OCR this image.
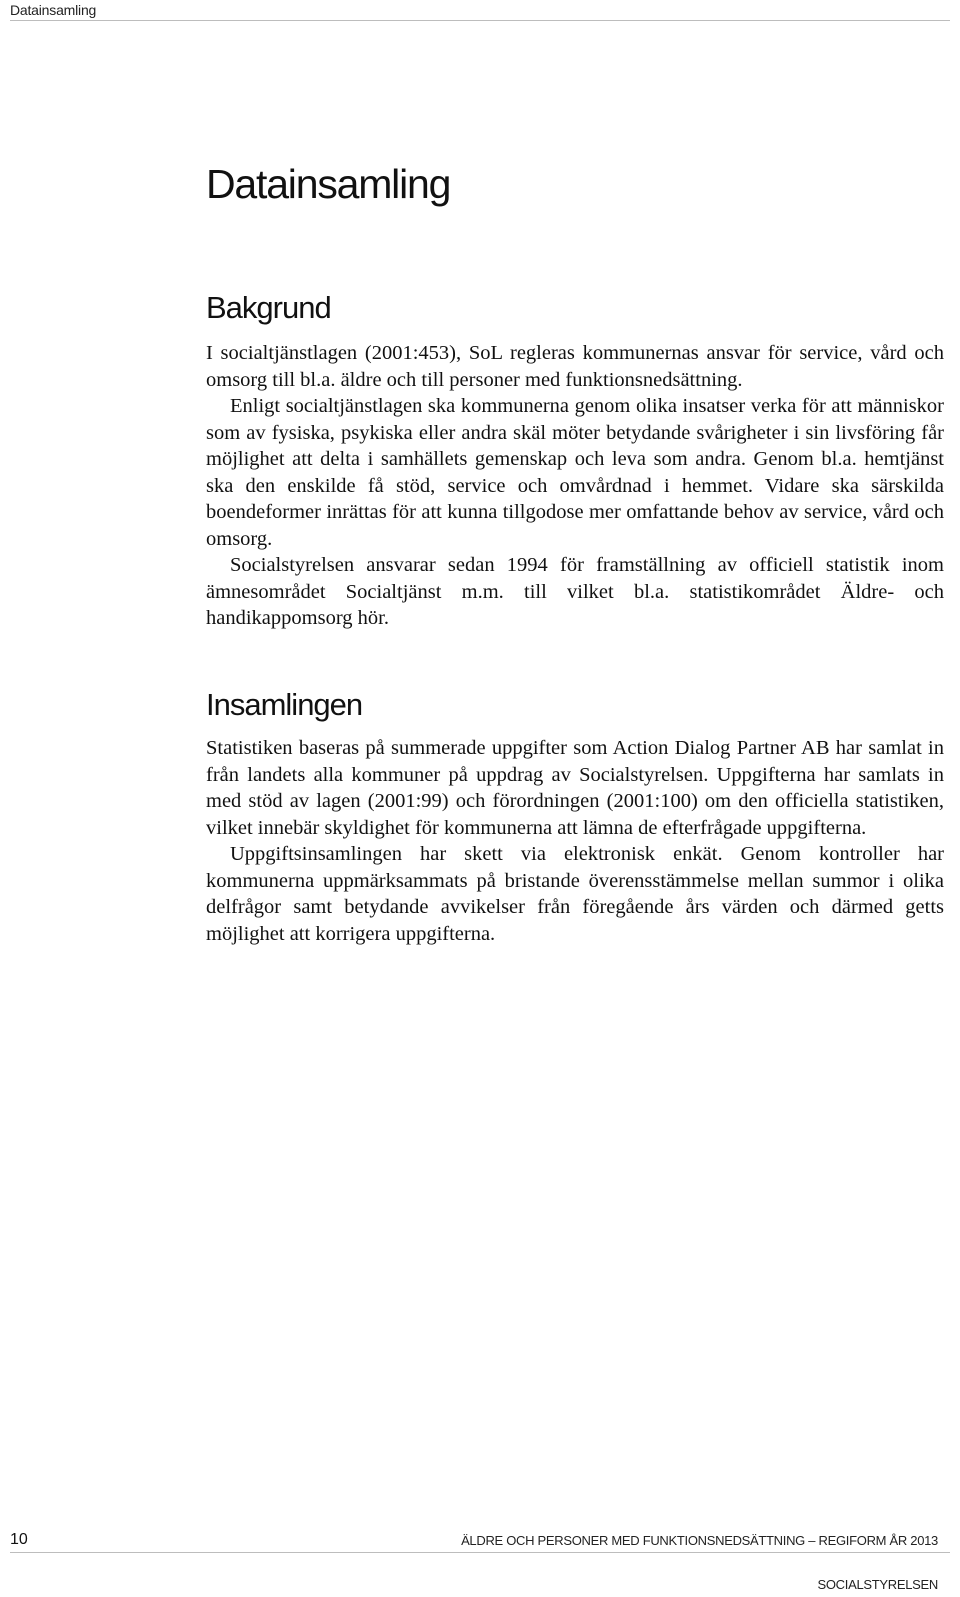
Datainsamling
Datainsamling
Bakgrund

I socialtjänstlagen (2001:453), SoL regleras kommunernas ansvar för service, vård och omsorg till bl.a. äldre och till personer med funktionsnedsättning.

Enligt socialtjänstlagen ska kommunerna genom olika insatser verka för att människor som av fysiska, psykiska eller andra skäl möter betydande svårigheter i sin livsföring får möjlighet att delta i samhällets gemenskap och leva som andra. Genom bl.a. hemtjänst ska den enskilde få stöd, service och omvårdnad i hemmet. Vidare ska särskilda boendeformer inrättas för att kunna tillgodose mer omfattande behov av service, vård och omsorg.

Socialstyrelsen ansvarar sedan 1994 för framställning av officiell statistik inom ämnesområdet Socialtjänst m.m. till vilket bl.a. statistikområdet Äldre- och handikappomsorg hör.

Insamlingen

Statistiken baseras på summerade uppgifter som Action Dialog Partner AB har samlat in från landets alla kommuner på uppdrag av Socialstyrelsen. Uppgifterna har samlats in med stöd av lagen (2001:99) och förordningen (2001:100) om den officiella statistiken, vilket innebär skyldighet för kommunerna att lämna de efterfrågade uppgifterna.

Uppgiftsinsamlingen har skett via elektronisk enkät. Genom kontroller har kommunerna uppmärksammats på bristande överensstämmelse mellan summor i olika delfrågor samt betydande avvikelser från föregående års värden och därmed getts möjlighet att korrigera uppgifterna.

10	ÄLDRE OCH PERSONER MED FUNKTIONSNEDSÄTTNING – REGIFORM ÅR 2013
SOCIALSTYRELSEN
